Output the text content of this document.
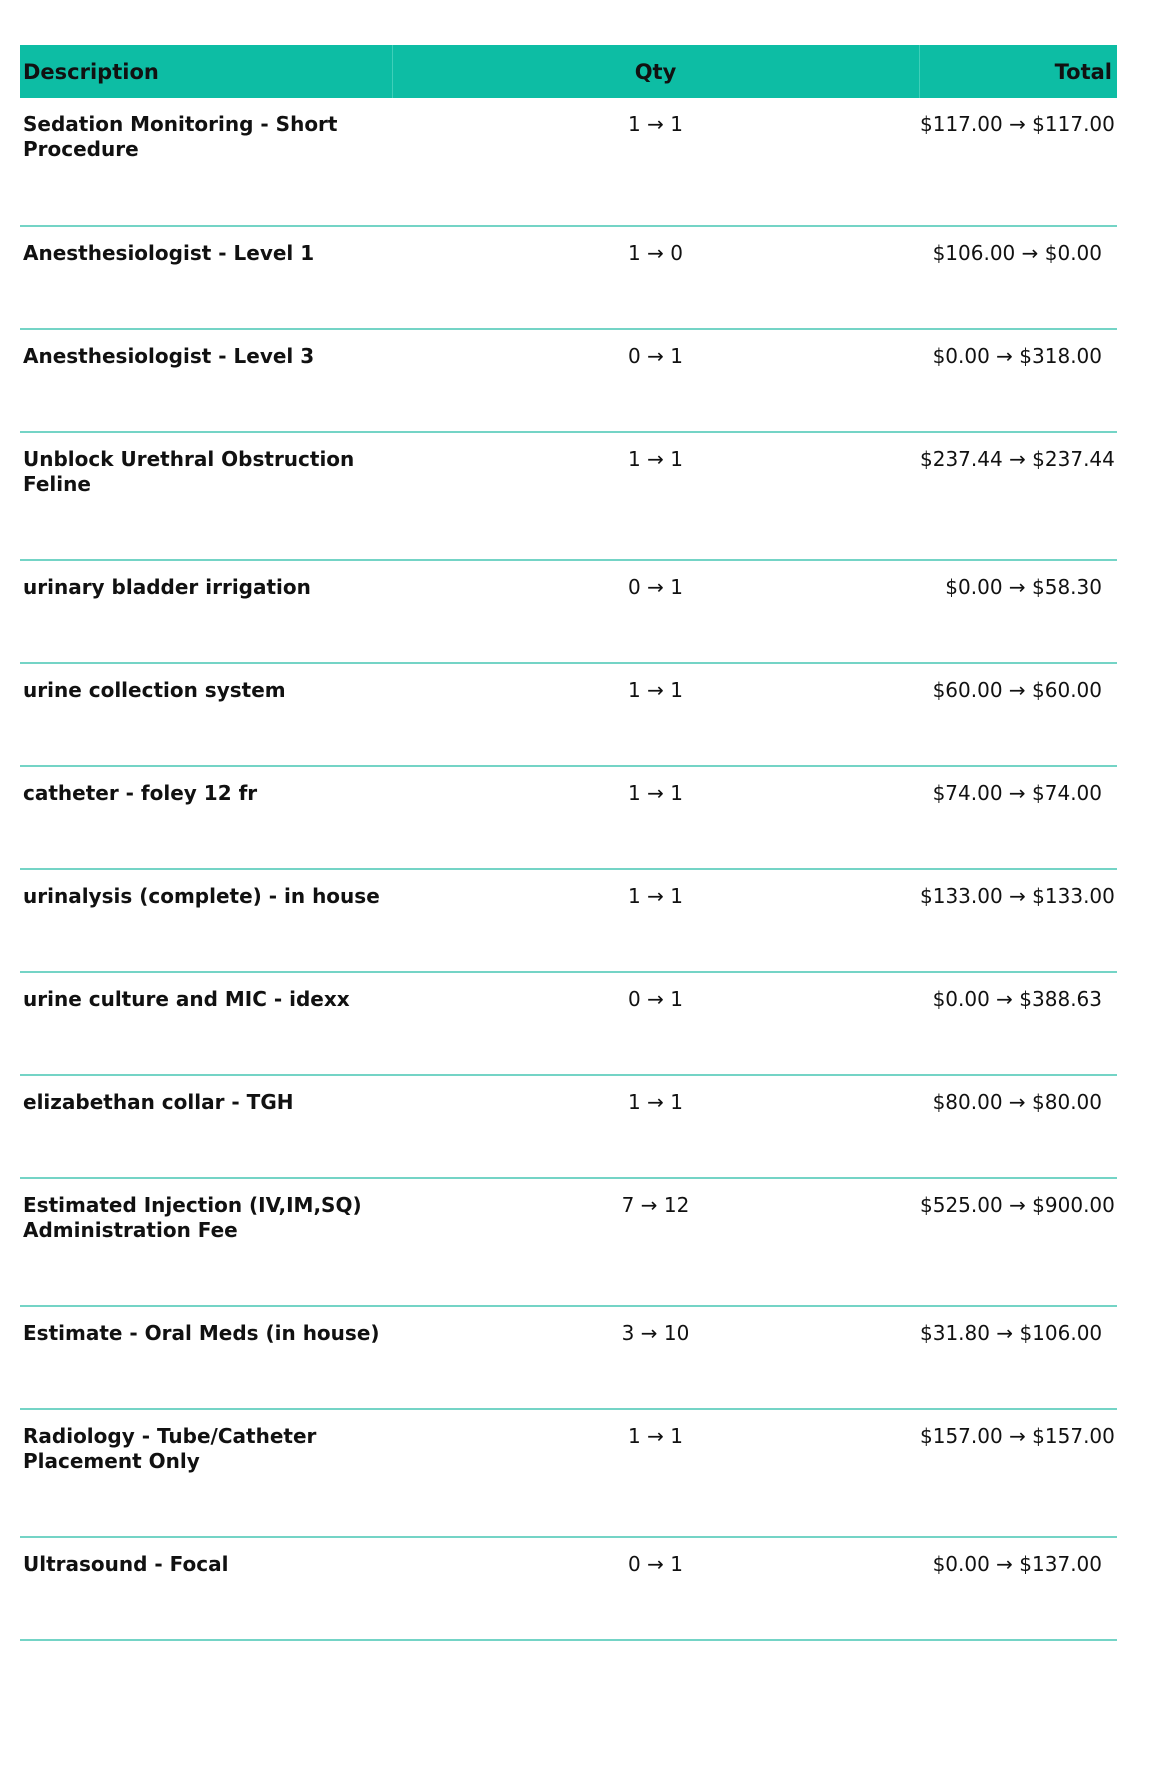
Description	Qty	Total
Sedation Monitoring - Short Procedure	1 → 1	$117.00 → $117.00
Anesthesiologist - Level 1	1 → 0	$106.00 → $0.00
Anesthesiologist - Level 3	0 → 1	$0.00 → $318.00
Unblock Urethral Obstruction Feline	1 → 1	$237.44 → $237.44
urinary bladder irrigation	0 → 1	$0.00 → $58.30
urine collection system	1 → 1	$60.00 → $60.00
catheter - foley 12 fr	1 → 1	$74.00 → $74.00
urinalysis (complete) - in house	1 → 1	$133.00 → $133.00
urine culture and MIC - idexx	0 → 1	$0.00 → $388.63
elizabethan collar - TGH	1 → 1	$80.00 → $80.00
Estimated Injection (IV,IM,SQ) Administration Fee	7 → 12	$525.00 → $900.00
Estimate - Oral Meds (in house)	3 → 10	$31.80 → $106.00
Radiology - Tube/Catheter Placement Only	1 → 1	$157.00 → $157.00
Ultrasound - Focal	0 → 1	$0.00 → $137.00
